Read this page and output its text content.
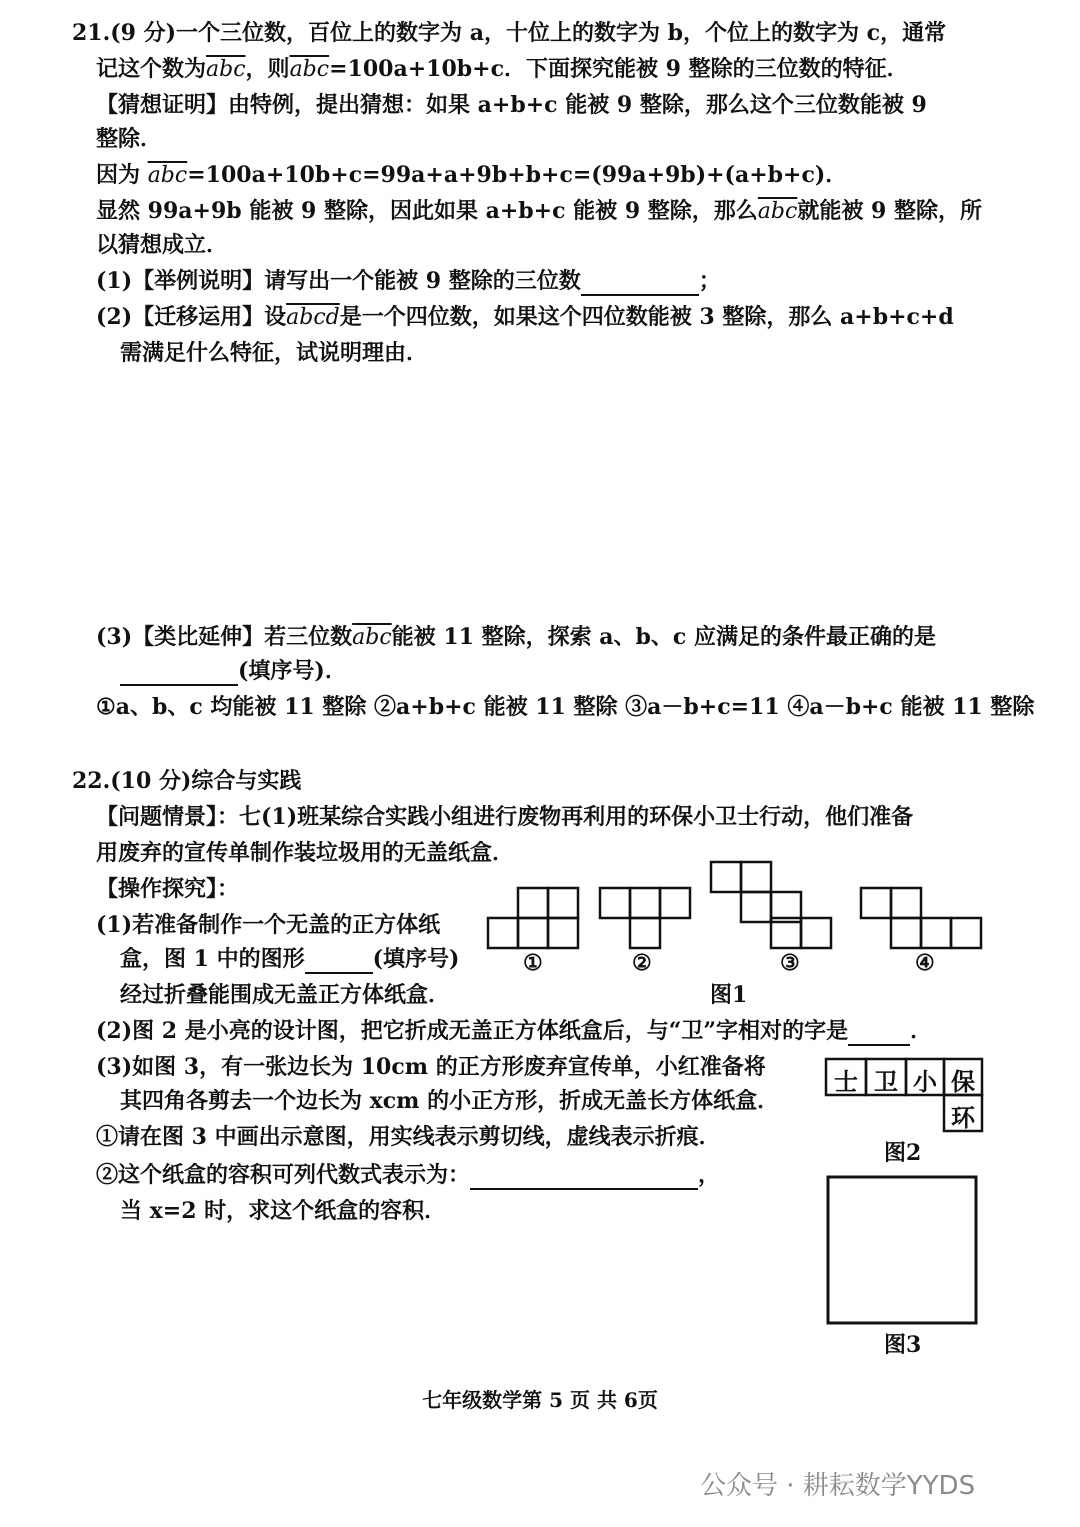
21.(9 分)一个三位数，百位上的数字为 a，十位上的数字为 b，个位上的数字为 c，通常
记这个数为$\overline{abc}$，则$\overline{abc}=100a+10b+c$．下面探究能被 9 整除的三位数的特征．
【猜想证明】由特例，提出猜想：如果 a+b+c 能被 9 整除，那么这个三位数能被 9
整除．
因为 $\overline{abc}=100a+10b+c=99a+a+9b+b+c=(99a+9b)+(a+b+c)$．
显然 99a+9b 能被 9 整除，因此如果 a+b+c 能被 9 整除，那么$\overline{abc}$就能被 9 整除，所
以猜想成立．
(1)【举例说明】请写出一个能被 9 整除的三位数	；
(2)【迁移运用】设abcd是一个四位数，如果这个四位数能被 3 整除，那么 a+b+c+d
需满足什么特征，试说明理由．
(3)【类比延伸】若三位数$\overline{abc}$能被 11 整除，探索 a、b、c 应满足的条件最正确的是
(填序号)．
①a、b、c 均能被 11 整除 ②a+b+c 能被 11 整除 ③a－b+c=11 ④a－b+c 能被 11 整除
22.(10 分)综合与实践
【问题情景】：七(1)班某综合实践小组进行废物再利用的环保小卫士行动，他们准备
用废弃的宣传单制作装垃圾用的无盖纸盒．
【操作探究】：
(1)若准备制作一个无盖的正方体纸
盒，图 1 中的图形	(填序号)
经过折叠能围成无盖正方体纸盒．
(2)图 2 是小亮的设计图，把它折成无盖正方体纸盒后，与“卫”字相对的字是	．
(3)如图 3，有一张边长为 10cm 的正方形废弃宣传单，小红准备将
其四角各剪去一个边长为 xcm 的小正方形，折成无盖长方体纸盒．
①请在图 3 中画出示意图，用实线表示剪切线，虚线表示折痕．
②这个纸盒的容积可列代数式表示为：	，
当 x=2 时，求这个纸盒的容积．
①	②	③	④
图1
士 卫 小 保
环
图2
图3
七年级数学第 5 页 共 6页
公众号 · 耕耘数学YYDS
